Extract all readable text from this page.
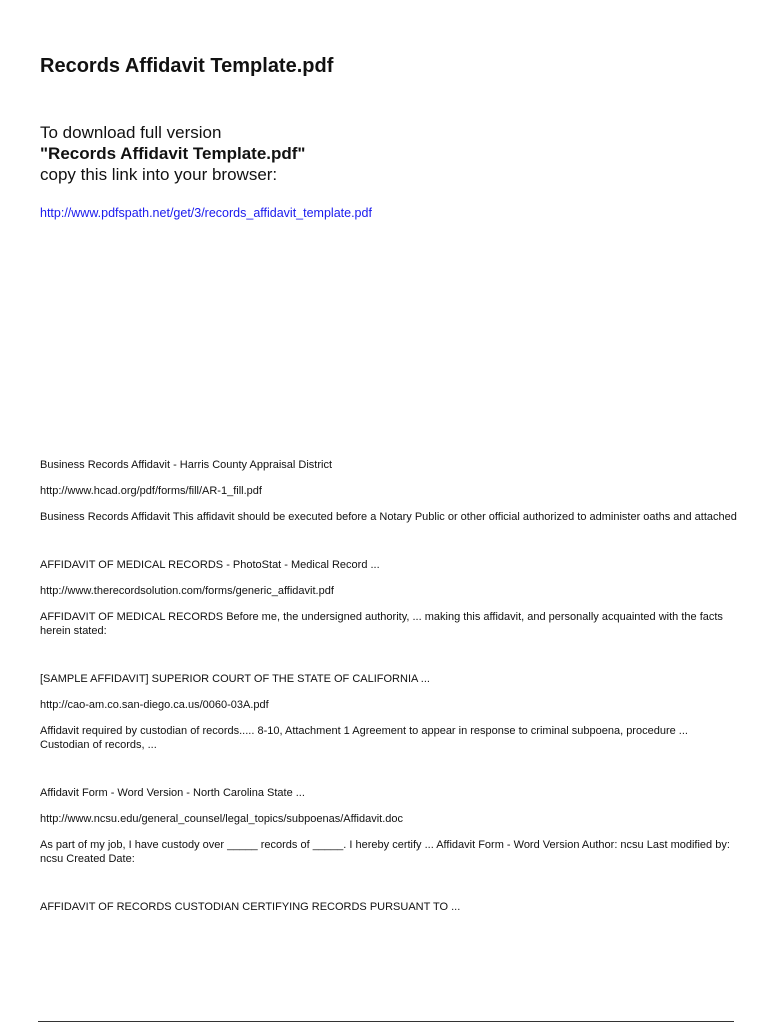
Records Affidavit Template.pdf
To download full version
"Records Affidavit Template.pdf"
copy this link into your browser:
http://www.pdfspath.net/get/3/records_affidavit_template.pdf

Business Records Affidavit - Harris County Appraisal District

http://www.hcad.org/pdf/forms/fill/AR-1_fill.pdf

Business Records Affidavit This affidavit should be executed before a Notary Public or other official authorized to administer oaths and attached

AFFIDAVIT OF MEDICAL RECORDS - PhotoStat - Medical Record ...

http://www.therecordsolution.com/forms/generic_affidavit.pdf

AFFIDAVIT OF MEDICAL RECORDS Before me, the undersigned authority, ... making this affidavit, and personally acquainted with the facts herein stated:

[SAMPLE AFFIDAVIT] SUPERIOR COURT OF THE STATE OF CALIFORNIA ...

http://cao-am.co.san-diego.ca.us/0060-03A.pdf

Affidavit required by custodian of records..... 8-10, Attachment 1 Agreement to appear in response to criminal subpoena, procedure ... Custodian of records, ...

Affidavit Form - Word Version - North Carolina State ...

http://www.ncsu.edu/general_counsel/legal_topics/subpoenas/Affidavit.doc

As part of my job, I have custody over _____ records of _____. I hereby certify ... Affidavit Form - Word Version Author: ncsu Last modified by: ncsu Created Date:

AFFIDAVIT OF RECORDS CUSTODIAN CERTIFYING RECORDS PURSUANT TO ...
